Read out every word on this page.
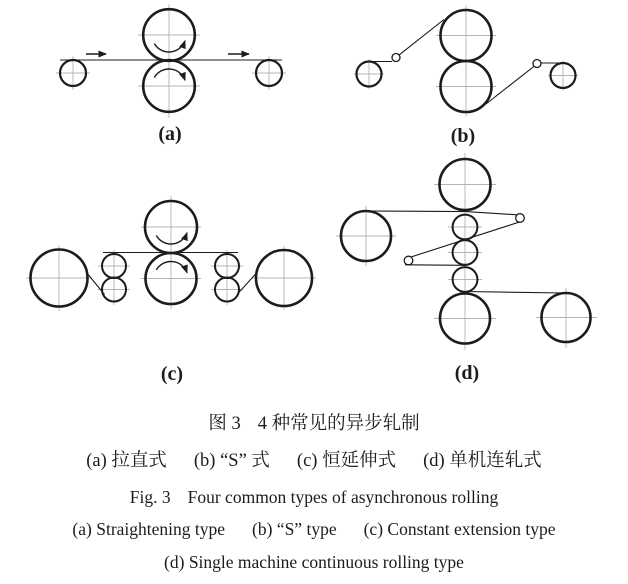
(a)	(b)
(c)	(d)
图 3 4 种常见的异步轧制
(a) 拉直式 (b) “S” 式 (c) 恒延伸式 (d) 单机连轧式
Fig. 3 Four common types of asynchronous rolling
(a) Straightening type (b) “S” type (c) Constant extension type
(d) Single machine continuous rolling type
